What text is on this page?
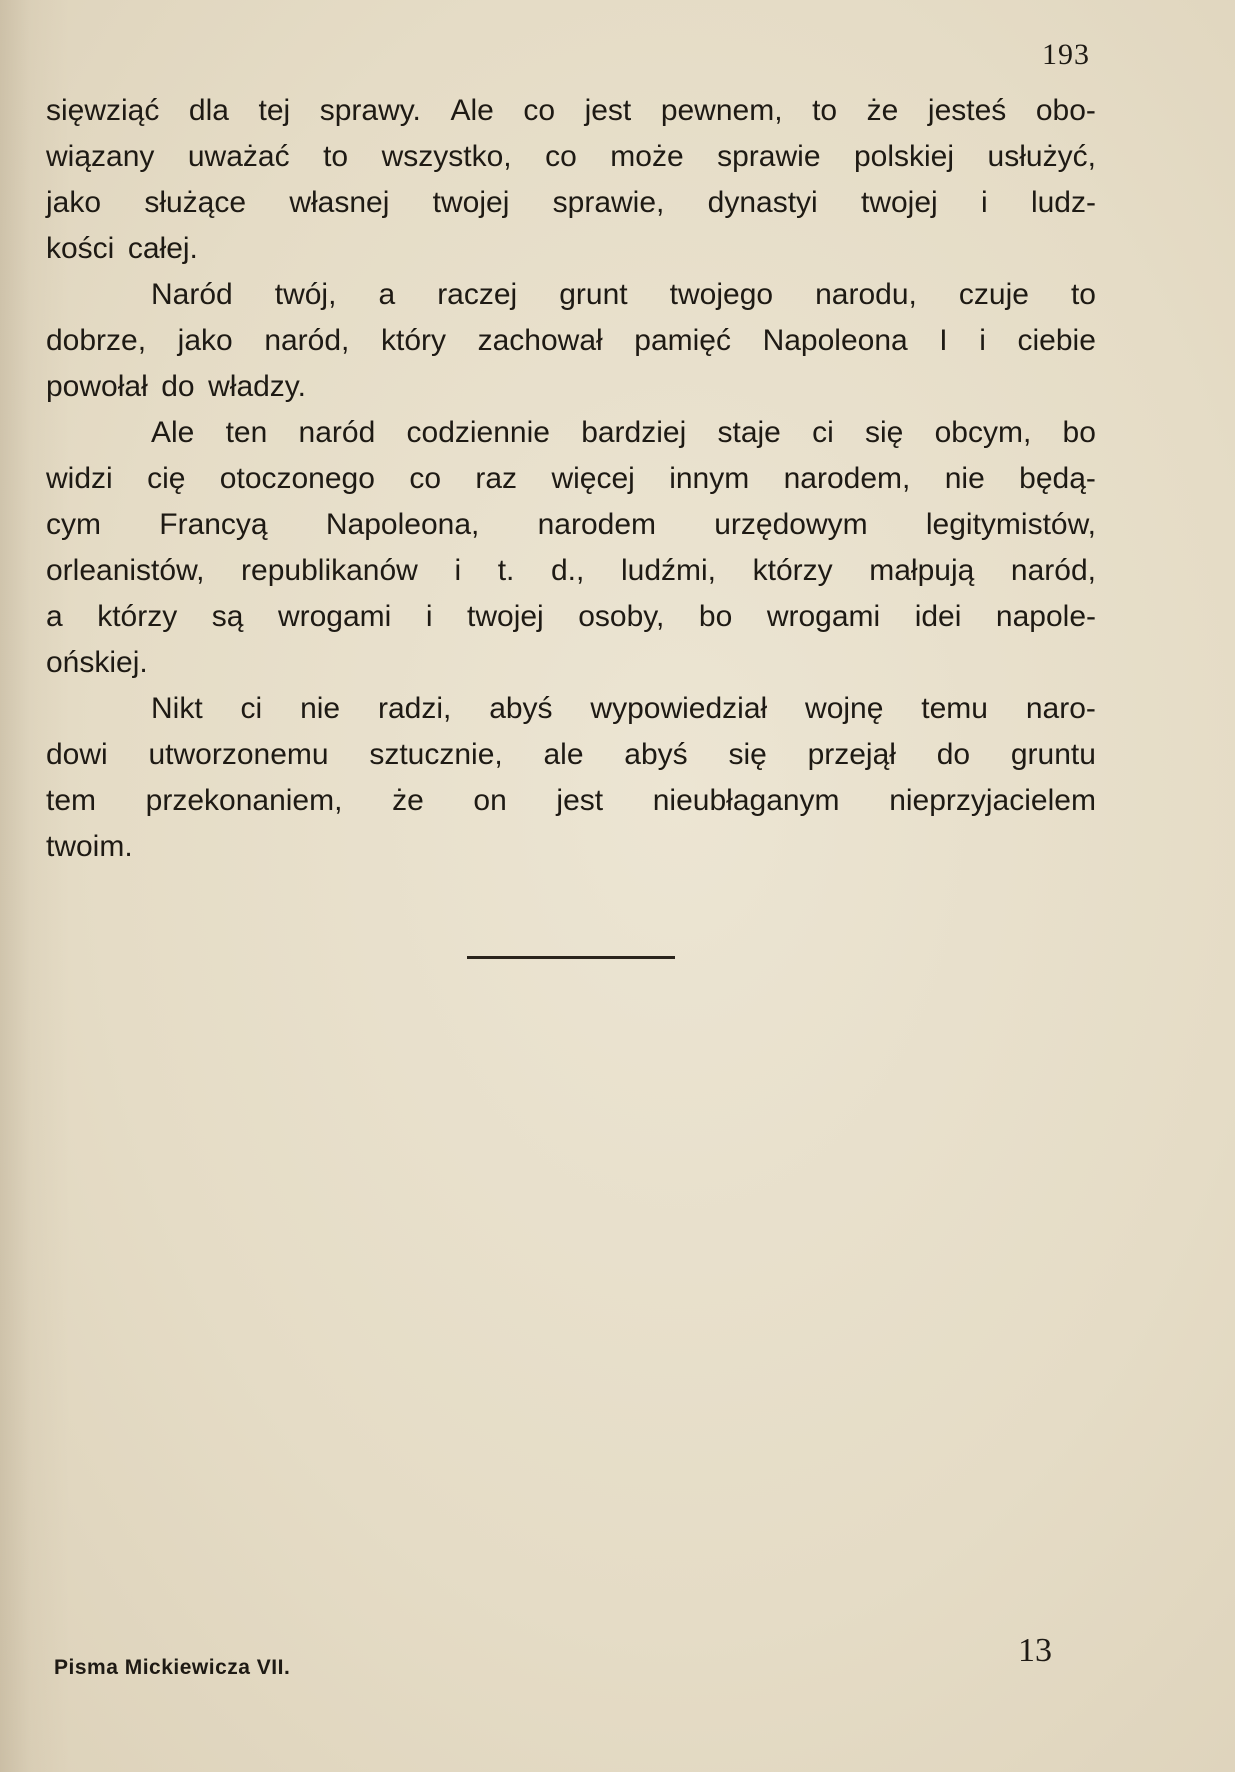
193
sięwziąć dla tej sprawy. Ale co jest pewnem, to że jesteś obo-
wiązany uważać to wszystko, co może sprawie polskiej usłużyć,
jako służące własnej twojej sprawie, dynastyi twojej i ludz-
kości całej.
Naród twój, a raczej grunt twojego narodu, czuje to
dobrze, jako naród, który zachował pamięć Napoleona I i ciebie
powołał do władzy.
Ale ten naród codziennie bardziej staje ci się obcym, bo
widzi cię otoczonego co raz więcej innym narodem, nie będą-
cym Francyą Napoleona, narodem urzędowym legitymistów,
orleanistów, republikanów i t. d., ludźmi, którzy małpują naród,
a którzy są wrogami i twojej osoby, bo wrogami idei napole-
ońskiej.
Nikt ci nie radzi, abyś wypowiedział wojnę temu naro-
dowi utworzonemu sztucznie, ale abyś się przejął do gruntu
tem przekonaniem, że on jest nieubłaganym nieprzyjacielem
twoim.
Pisma Mickiewicza VII.	13
